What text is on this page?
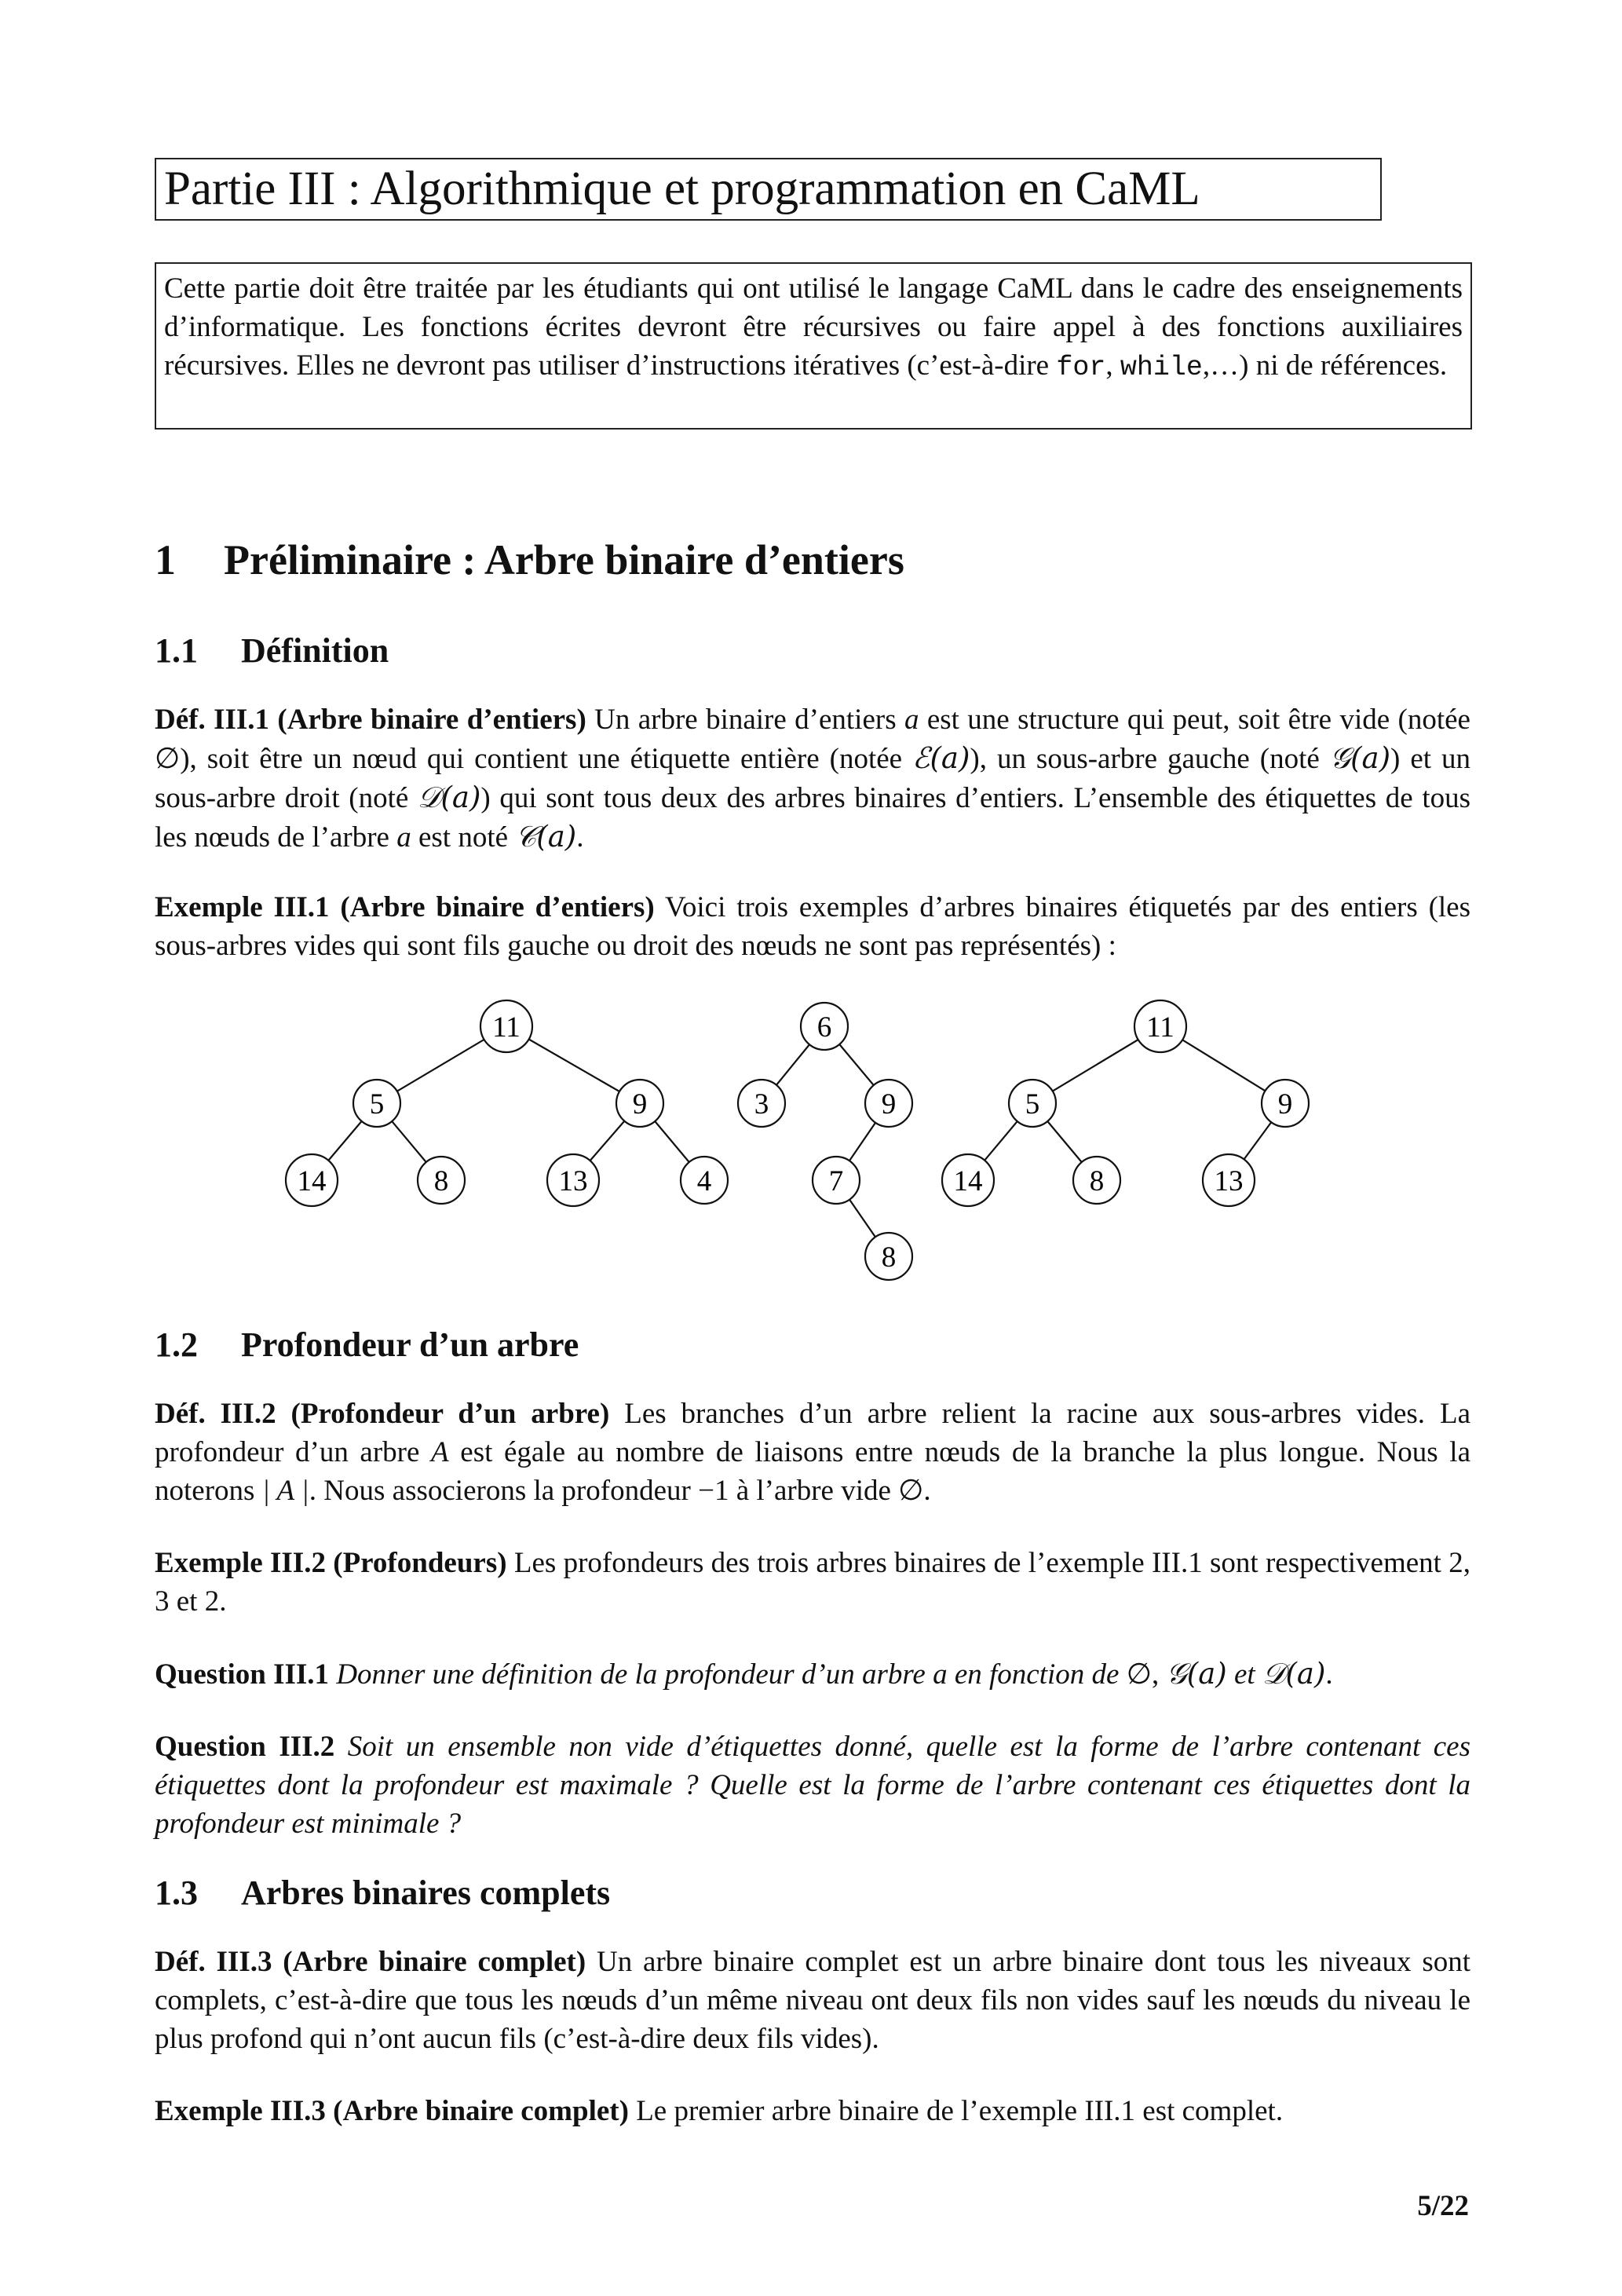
Partie III : Algorithmique et programmation en CaML
Cette partie doit être traitée par les étudiants qui ont utilisé le langage CaML dans le cadre des enseignements d’informatique. Les fonctions écrites devront être récursives ou faire appel à des fonctions auxiliaires récursives. Elles ne devront pas utiliser d’instructions itératives (c’est-à-dire for, while,…) ni de références.
1 Préliminaire : Arbre binaire d’entiers
1.1 Définition
Déf. III.1 (Arbre binaire d’entiers) Un arbre binaire d’entiers a est une structure qui peut, soit être vide (notée ∅), soit être un nœud qui contient une étiquette entière (notée ℰ(a)), un sous-arbre gauche (noté 𝒢(a)) et un sous-arbre droit (noté 𝒟(a)) qui sont tous deux des arbres binaires d’entiers. L’ensemble des étiquettes de tous les nœuds de l’arbre a est noté 𝒞(a).
Exemple III.1 (Arbre binaire d’entiers) Voici trois exemples d’arbres binaires étiquetés par des entiers (les sous-arbres vides qui sont fils gauche ou droit des nœuds ne sont pas représentés) :
11
5	9
14	8	13	4
6
3	9
7
8
11
5	9
14	8	13
1.2 Profondeur d’un arbre
Déf. III.2 (Profondeur d’un arbre) Les branches d’un arbre relient la racine aux sous-arbres vides. La profondeur d’un arbre A est égale au nombre de liaisons entre nœuds de la branche la plus longue. Nous la noterons | A |. Nous associerons la profondeur −1 à l’arbre vide ∅.
Exemple III.2 (Profondeurs) Les profondeurs des trois arbres binaires de l’exemple III.1 sont respectivement 2, 3 et 2.
Question III.1 Donner une définition de la profondeur d’un arbre a en fonction de ∅, 𝒢(a) et 𝒟(a).
Question III.2 Soit un ensemble non vide d’étiquettes donné, quelle est la forme de l’arbre contenant ces étiquettes dont la profondeur est maximale ? Quelle est la forme de l’arbre contenant ces étiquettes dont la profondeur est minimale ?
1.3 Arbres binaires complets
Déf. III.3 (Arbre binaire complet) Un arbre binaire complet est un arbre binaire dont tous les niveaux sont complets, c’est-à-dire que tous les nœuds d’un même niveau ont deux fils non vides sauf les nœuds du niveau le plus profond qui n’ont aucun fils (c’est-à-dire deux fils vides).
Exemple III.3 (Arbre binaire complet) Le premier arbre binaire de l’exemple III.1 est complet.
5/22
